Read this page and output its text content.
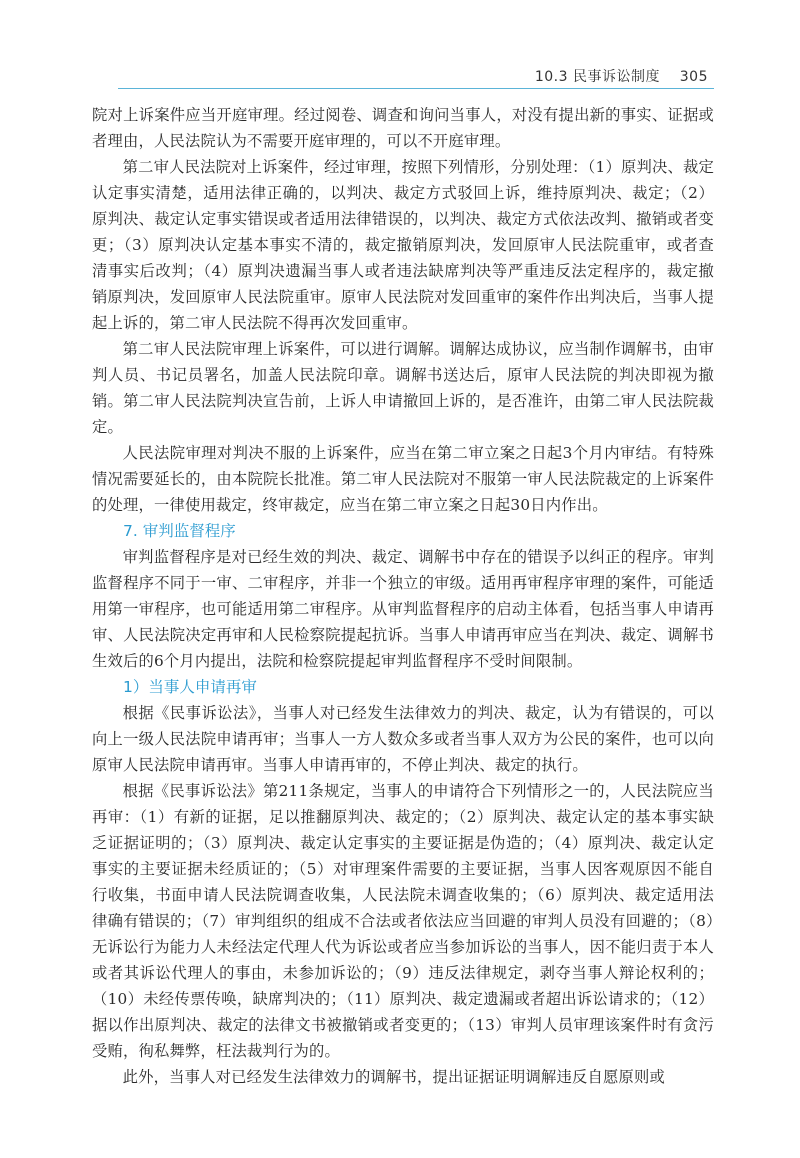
10.3 民事诉讼制度 305

院对上诉案件应当开庭审理。经过阅卷、调查和询问当事人，对没有提出新的事实、证据或者理由，人民法院认为不需要开庭审理的，可以不开庭审理。

第二审人民法院对上诉案件，经过审理，按照下列情形，分别处理：（1）原判决、裁定认定事实清楚，适用法律正确的，以判决、裁定方式驳回上诉，维持原判决、裁定；（2）原判决、裁定认定事实错误或者适用法律错误的，以判决、裁定方式依法改判、撤销或者变更；（3）原判决认定基本事实不清的，裁定撤销原判决，发回原审人民法院重审，或者查清事实后改判；（4）原判决遗漏当事人或者违法缺席判决等严重违反法定程序的，裁定撤销原判决，发回原审人民法院重审。原审人民法院对发回重审的案件作出判决后，当事人提起上诉的，第二审人民法院不得再次发回重审。

第二审人民法院审理上诉案件，可以进行调解。调解达成协议，应当制作调解书，由审判人员、书记员署名，加盖人民法院印章。调解书送达后，原审人民法院的判决即视为撤销。第二审人民法院判决宣告前，上诉人申请撤回上诉的，是否准许，由第二审人民法院裁定。

人民法院审理对判决不服的上诉案件，应当在第二审立案之日起3个月内审结。有特殊情况需要延长的，由本院院长批准。第二审人民法院对不服第一审人民法院裁定的上诉案件的处理，一律使用裁定，终审裁定，应当在第二审立案之日起30日内作出。

7. 审判监督程序

审判监督程序是对已经生效的判决、裁定、调解书中存在的错误予以纠正的程序。审判监督程序不同于一审、二审程序，并非一个独立的审级。适用再审程序审理的案件，可能适用第一审程序，也可能适用第二审程序。从审判监督程序的启动主体看，包括当事人申请再审、人民法院决定再审和人民检察院提起抗诉。当事人申请再审应当在判决、裁定、调解书生效后的6个月内提出，法院和检察院提起审判监督程序不受时间限制。

1）当事人申请再审

根据《民事诉讼法》，当事人对已经发生法律效力的判决、裁定，认为有错误的，可以向上一级人民法院申请再审；当事人一方人数众多或者当事人双方为公民的案件，也可以向原审人民法院申请再审。当事人申请再审的，不停止判决、裁定的执行。

根据《民事诉讼法》第211条规定，当事人的申请符合下列情形之一的，人民法院应当再审：（1）有新的证据，足以推翻原判决、裁定的；（2）原判决、裁定认定的基本事实缺乏证据证明的；（3）原判决、裁定认定事实的主要证据是伪造的；（4）原判决、裁定认定事实的主要证据未经质证的；（5）对审理案件需要的主要证据，当事人因客观原因不能自行收集，书面申请人民法院调查收集，人民法院未调查收集的；（6）原判决、裁定适用法律确有错误的；（7）审判组织的组成不合法或者依法应当回避的审判人员没有回避的；（8）无诉讼行为能力人未经法定代理人代为诉讼或者应当参加诉讼的当事人，因不能归责于本人或者其诉讼代理人的事由，未参加诉讼的；（9）违反法律规定，剥夺当事人辩论权利的；（10）未经传票传唤，缺席判决的；（11）原判决、裁定遗漏或者超出诉讼请求的；（12）据以作出原判决、裁定的法律文书被撤销或者变更的；（13）审判人员审理该案件时有贪污受贿，徇私舞弊，枉法裁判行为的。

此外，当事人对已经发生法律效力的调解书，提出证据证明调解违反自愿原则或
